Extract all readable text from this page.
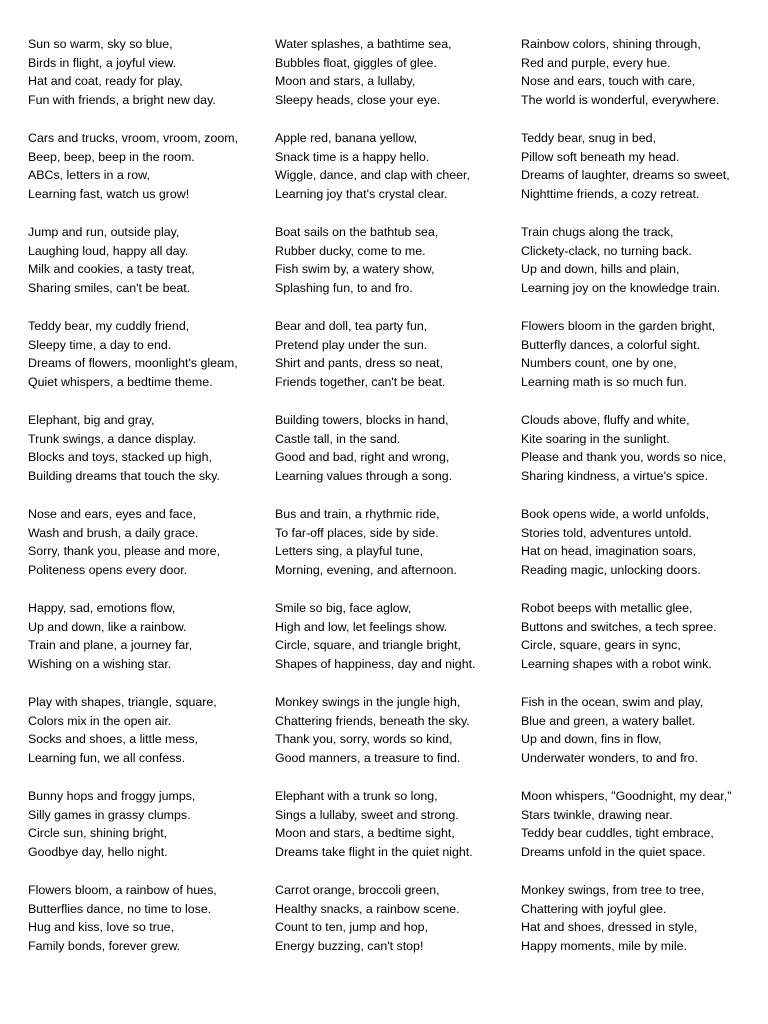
Sun so warm, sky so blue,
Birds in flight, a joyful view.
Hat and coat, ready for play,
Fun with friends, a bright new day.
Cars and trucks, vroom, vroom, zoom,
Beep, beep, beep in the room.
ABCs, letters in a row,
Learning fast, watch us grow!
Jump and run, outside play,
Laughing loud, happy all day.
Milk and cookies, a tasty treat,
Sharing smiles, can't be beat.
Teddy bear, my cuddly friend,
Sleepy time, a day to end.
Dreams of flowers, moonlight's gleam,
Quiet whispers, a bedtime theme.
Elephant, big and gray,
Trunk swings, a dance display.
Blocks and toys, stacked up high,
Building dreams that touch the sky.
Nose and ears, eyes and face,
Wash and brush, a daily grace.
Sorry, thank you, please and more,
Politeness opens every door.
Happy, sad, emotions flow,
Up and down, like a rainbow.
Train and plane, a journey far,
Wishing on a wishing star.
Play with shapes, triangle, square,
Colors mix in the open air.
Socks and shoes, a little mess,
Learning fun, we all confess.
Bunny hops and froggy jumps,
Silly games in grassy clumps.
Circle sun, shining bright,
Goodbye day, hello night.
Flowers bloom, a rainbow of hues,
Butterflies dance, no time to lose.
Hug and kiss, love so true,
Family bonds, forever grew.
Water splashes, a bathtime sea,
Bubbles float, giggles of glee.
Moon and stars, a lullaby,
Sleepy heads, close your eye.
Apple red, banana yellow,
Snack time is a happy hello.
Wiggle, dance, and clap with cheer,
Learning joy that's crystal clear.
Boat sails on the bathtub sea,
Rubber ducky, come to me.
Fish swim by, a watery show,
Splashing fun, to and fro.
Bear and doll, tea party fun,
Pretend play under the sun.
Shirt and pants, dress so neat,
Friends together, can't be beat.
Building towers, blocks in hand,
Castle tall, in the sand.
Good and bad, right and wrong,
Learning values through a song.
Bus and train, a rhythmic ride,
To far-off places, side by side.
Letters sing, a playful tune,
Morning, evening, and afternoon.
Smile so big, face aglow,
High and low, let feelings show.
Circle, square, and triangle bright,
Shapes of happiness, day and night.
Monkey swings in the jungle high,
Chattering friends, beneath the sky.
Thank you, sorry, words so kind,
Good manners, a treasure to find.
Elephant with a trunk so long,
Sings a lullaby, sweet and strong.
Moon and stars, a bedtime sight,
Dreams take flight in the quiet night.
Carrot orange, broccoli green,
Healthy snacks, a rainbow scene.
Count to ten, jump and hop,
Energy buzzing, can't stop!
Rainbow colors, shining through,
Red and purple, every hue.
Nose and ears, touch with care,
The world is wonderful, everywhere.
Teddy bear, snug in bed,
Pillow soft beneath my head.
Dreams of laughter, dreams so sweet,
Nighttime friends, a cozy retreat.
Train chugs along the track,
Clickety-clack, no turning back.
Up and down, hills and plain,
Learning joy on the knowledge train.
Flowers bloom in the garden bright,
Butterfly dances, a colorful sight.
Numbers count, one by one,
Learning math is so much fun.
Clouds above, fluffy and white,
Kite soaring in the sunlight.
Please and thank you, words so nice,
Sharing kindness, a virtue's spice.
Book opens wide, a world unfolds,
Stories told, adventures untold.
Hat on head, imagination soars,
Reading magic, unlocking doors.
Robot beeps with metallic glee,
Buttons and switches, a tech spree.
Circle, square, gears in sync,
Learning shapes with a robot wink.
Fish in the ocean, swim and play,
Blue and green, a watery ballet.
Up and down, fins in flow,
Underwater wonders, to and fro.
Moon whispers, "Goodnight, my dear,"
Stars twinkle, drawing near.
Teddy bear cuddles, tight embrace,
Dreams unfold in the quiet space.
Monkey swings, from tree to tree,
Chattering with joyful glee.
Hat and shoes, dressed in style,
Happy moments, mile by mile.
